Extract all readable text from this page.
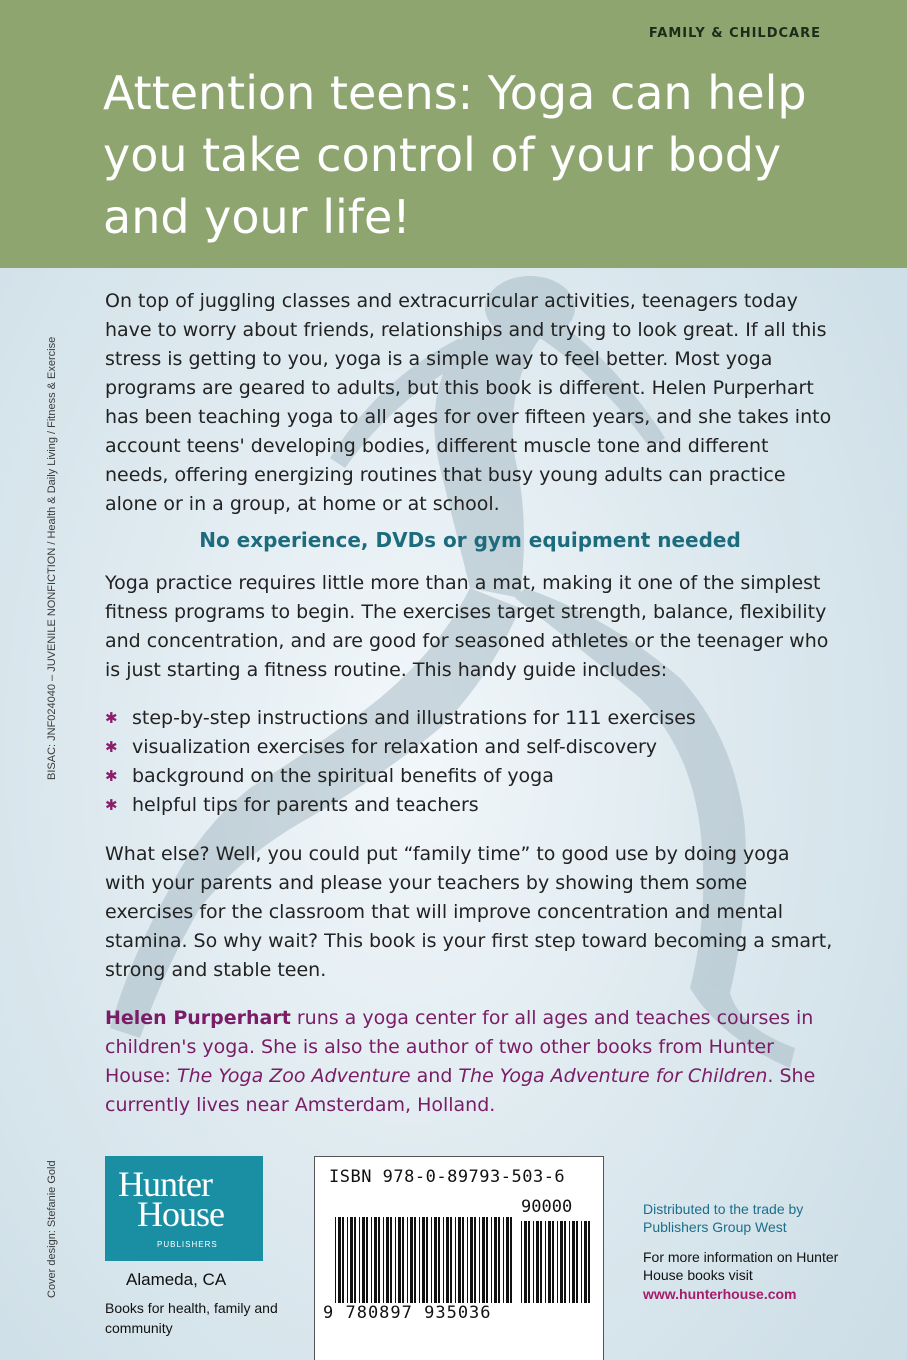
FAMILY & CHILDCARE
Attention teens: Yoga can help you take control of your body and your life!
BISAC: JNF024040 – JUVENILE NONFICTION / Health & Daily Living / Fitness & Exercise
Cover design: Stefanie Gold

On top of juggling classes and extracurricular activities, teenagers today have to worry about friends, relationships and trying to look great. If all this stress is getting to you, yoga is a simple way to feel better. Most yoga programs are geared to adults, but this book is different. Helen Purperhart has been teaching yoga to all ages for over fifteen years, and she takes into account teens' developing bodies, different muscle tone and different needs, offering energizing routines that busy young adults can practice alone or in a group, at home or at school.

No experience, DVDs or gym equipment needed

Yoga practice requires little more than a mat, making it one of the simplest fitness programs to begin. The exercises target strength, balance, flexibility and concentration, and are good for seasoned athletes or the teenager who is just starting a fitness routine. This handy guide includes:

✱ step-by-step instructions and illustrations for 111 exercises
✱ visualization exercises for relaxation and self-discovery
✱ background on the spiritual benefits of yoga
✱ helpful tips for parents and teachers

What else? Well, you could put “family time” to good use by doing yoga with your parents and please your teachers by showing them some exercises for the classroom that will improve concentration and mental stamina. So why wait? This book is your first step toward becoming a smart, strong and stable teen.

Helen Purperhart runs a yoga center for all ages and teaches courses in children's yoga. She is also the author of two other books from Hunter House: The Yoga Zoo Adventure and The Yoga Adventure for Children. She currently lives near Amsterdam, Holland.

Hunter
House
PUBLISHERS
Alameda, CA
Books for health, family and community
ISBN 978-0-89793-503-6
90000
9 780897 935036
Distributed to the trade by Publishers Group West
For more information on Hunter House books visit
www.hunterhouse.com
